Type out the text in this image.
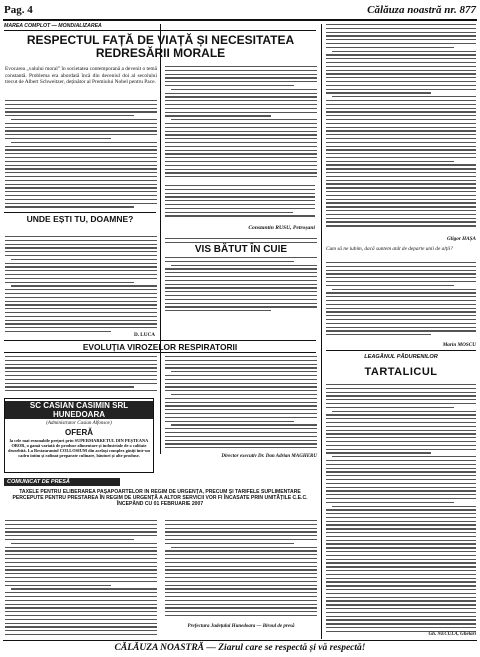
Pag. 4	Călăuza noastră nr. 877
MAREA COMPLOT — MONDIALIZAREA
RESPECTUL FAȚĂ DE VIAȚĂ ȘI NECESITATEA REDRESĂRII MORALE
Evocarea „valului moral” în societatea contemporană a devenit o temă constantă. Problema era abordată încă din deceniul doi al secolului trecut de Albert Schweitzer, deținător al Premiului Nobel pentru Pace.
Constantin RUSU, Petroșani
UNDE EȘTI TU, DOAMNE?
D. LUCA
EVOLUȚIA VIROZELOR RESPIRATORII
SC CASIAN CASIMIN SRL HUNEDOARA
(Administrator Casian Alfonsov)
OFERĂ
la cele mai rezonabile prețuri prin SUPERMARKETUL DIN PEȘTEANA OBOR, o gamă variată de produse alimentare și industriale de o calitate deosebită. La Restaurantul COLLOSIUM din același complex găsiți într-un cadru intim și rafinat preparate culinare, băuturi și alte produse.	Director executiv Dr. Dan Adrian MAGHERU
COMUNICAT DE PRESĂ
TAXELE PENTRU ELIBERAREA PAȘAPOARTELOR ÎN REGIM DE URGENȚĂ, PRECUM ȘI TARIFELE SUPLIMENTARE PERCEPUTE PENTRU PRESTAREA ÎN REGIM DE URGENȚĂ A ALTOR SERVICII VOR FI ÎNCASATE PRIN UNITĂȚILE C.E.C. ÎNCEPÂND CU 01 FEBRUARIE 2007
Prefectura Județului Hunedoara — Biroul de presă
VIS BĂTUT ÎN CUIE
Gligor HAȘA
Cum să ne iubim, dacă suntem atât de departe unii de alții?
Marin MOSCU
LEAGĂNUL PĂDURENILOR
TARTALICUL
Gh. NECULA, Ghelari
CĂLĂUZA NOASTRĂ — Ziarul care se respectă și vă respectă!
